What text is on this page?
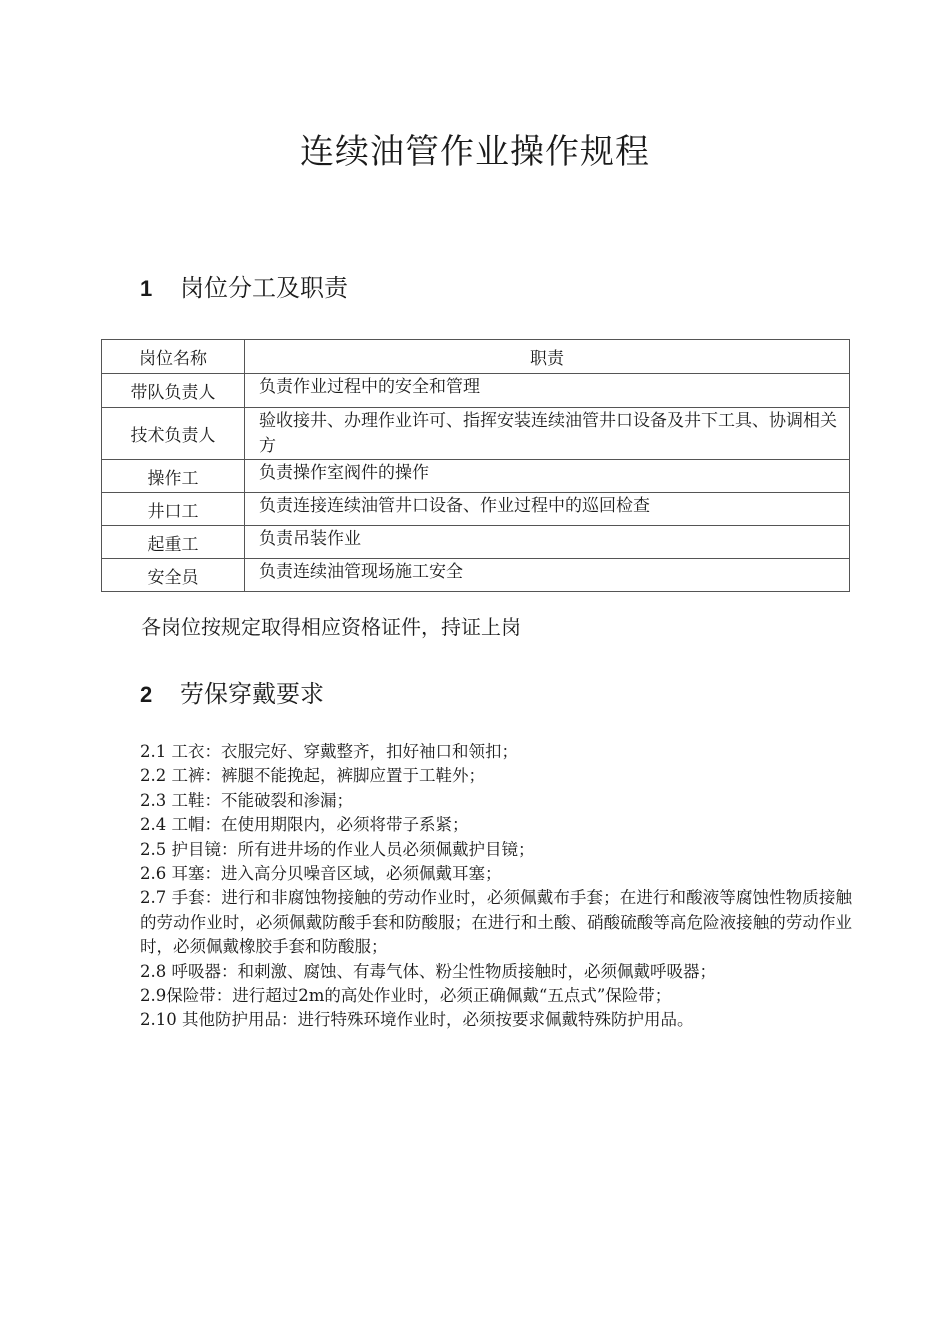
连续油管作业操作规程
1 岗位分工及职责
岗位名称	职责
带队负责人	负责作业过程中的安全和管理
技术负责人	验收接井、办理作业许可、指挥安装连续油管井口设备及井下工具、协调相关方
操作工	负责操作室阀件的操作
井口工	负责连接连续油管井口设备、作业过程中的巡回检查
起重工	负责吊装作业
安全员	负责连续油管现场施工安全

各岗位按规定取得相应资格证件，持证上岗

2 劳保穿戴要求
2.1 工衣：衣服完好、穿戴整齐，扣好袖口和领扣；
2.2 工裤：裤腿不能挽起，裤脚应置于工鞋外；
2.3 工鞋：不能破裂和渗漏；
2.4 工帽：在使用期限内，必须将带子系紧；
2.5 护目镜：所有进井场的作业人员必须佩戴护目镜；
2.6 耳塞：进入高分贝噪音区域，必须佩戴耳塞；
2.7 手套：进行和非腐蚀物接触的劳动作业时，必须佩戴布手套；在进行和酸液等腐蚀性物质接触的劳动作业时，必须佩戴防酸手套和防酸服；在进行和土酸、硝酸硫酸等高危险液接触的劳动作业时，必须佩戴橡胶手套和防酸服；
2.8 呼吸器：和刺激、腐蚀、有毒气体、粉尘性物质接触时，必须佩戴呼吸器；
2.9保险带：进行超过2m的高处作业时，必须正确佩戴“五点式”保险带；
2.10 其他防护用品：进行特殊环境作业时，必须按要求佩戴特殊防护用品。
